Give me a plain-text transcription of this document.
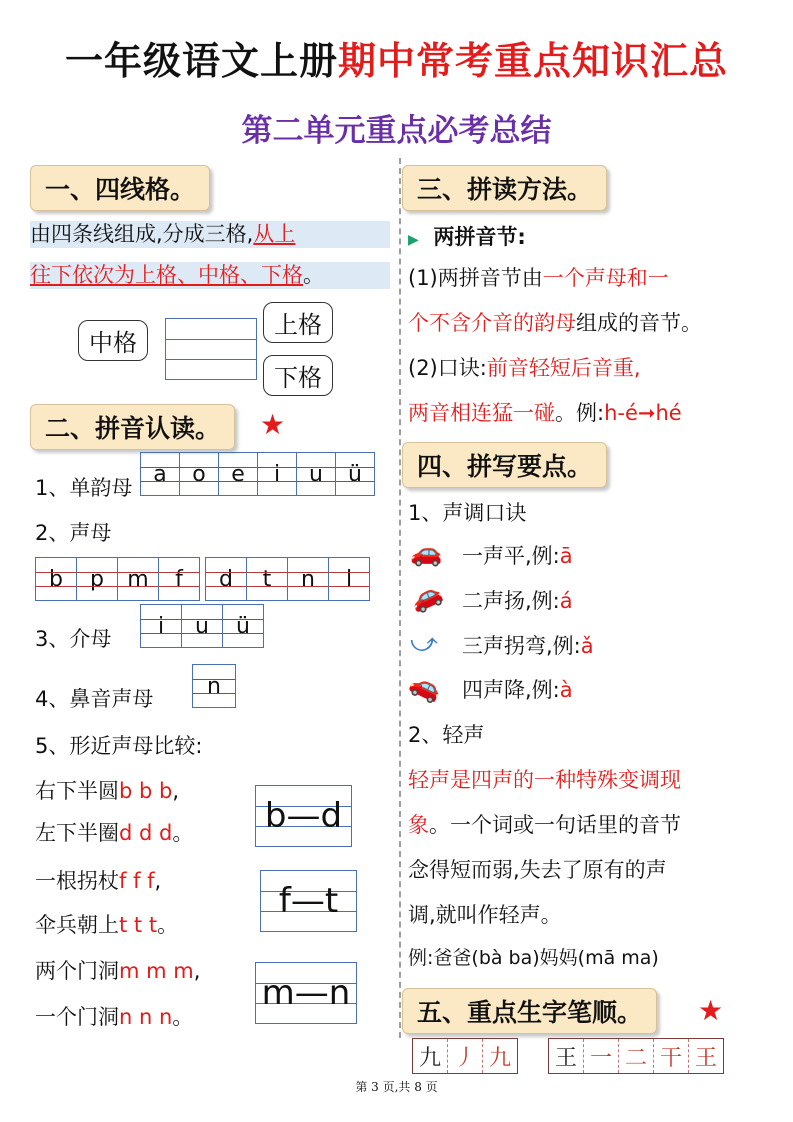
一年级语文上册期中常考重点知识汇总
第二单元重点必考总结
一、四线格。
由四条线组成,分成三格,从上
往下依次为上格、中格、下格。
中格
上格
下格
二、拼音认读。	★
1、单韵母
a	o	e	i	u	ü
2、声母
b	p	m	f	d	t	n	l
3、介母
i	u	ü
4、鼻音声母
n
5、形近声母比较:
右下半圆b b b,
左下半圈d d d。
一根拐杖f f f,
伞兵朝上t t t。
两个门洞m m m,
一个门洞n n n。
b—d
f—t
m—n
三、拼读方法。
▶ 两拼音节:
(1)两拼音节由一个声母和一
个不含介音的韵母组成的音节。
(2)口诀:前音轻短后音重,
两音相连猛一碰。例:h-é➞hé
四、拼写要点。
1、声调口诀
🚗 一声平,例:ā
🚗 二声扬,例:á
⤻ 三声拐弯,例:ǎ
🚗 四声降,例:à
2、轻声
轻声是四声的一种特殊变调现
象。一个词或一句话里的音节
念得短而弱,失去了原有的声
调,就叫作轻声。
例:爸爸(bà ba)妈妈(mā ma)
五、重点生字笔顺。	★
九 丿 九 王 一 二 干 王
第 3 页,共 8 页
